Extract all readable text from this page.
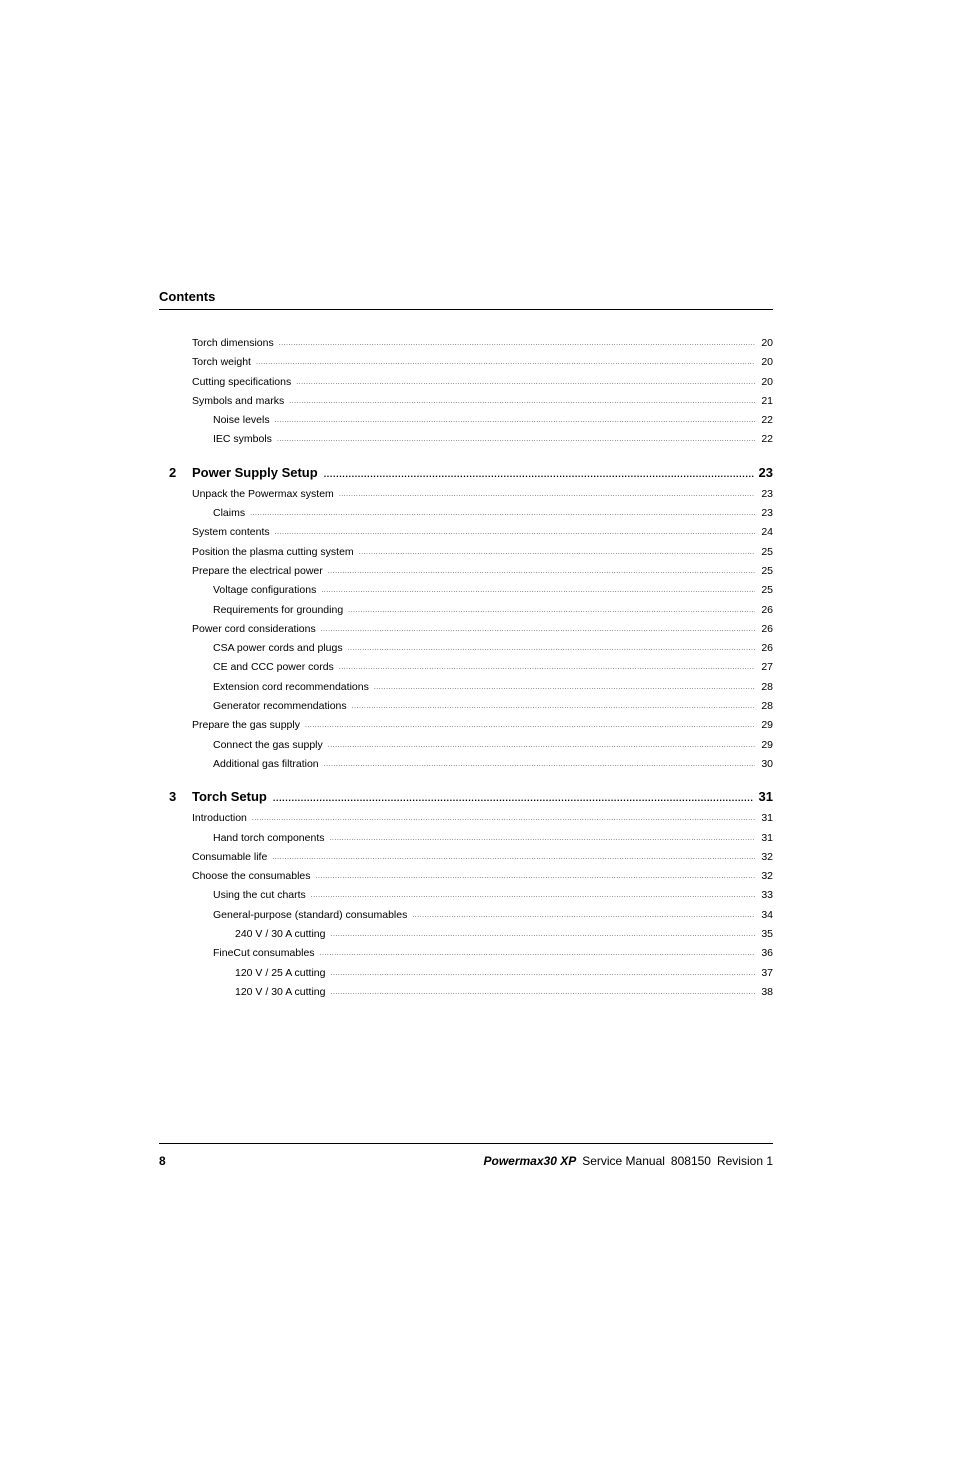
Contents
Torch dimensions .....	20
Torch weight .....	20
Cutting specifications .....	20
Symbols and marks .....	21
Noise levels .....	22
IEC symbols .....	22
2	Power Supply Setup .....	23
Unpack the Powermax system .....	23
Claims .....	23
System contents .....	24
Position the plasma cutting system .....	25
Prepare the electrical power .....	25
Voltage configurations .....	25
Requirements for grounding .....	26
Power cord considerations .....	26
CSA power cords and plugs .....	26
CE and CCC power cords .....	27
Extension cord recommendations .....	28
Generator recommendations .....	28
Prepare the gas supply .....	29
Connect the gas supply .....	29
Additional gas filtration .....	30
3	Torch Setup .....	31
Introduction .....	31
Hand torch components .....	31
Consumable life .....	32
Choose the consumables .....	32
Using the cut charts .....	33
General-purpose (standard) consumables .....	34
240 V / 30 A cutting .....	35
FineCut consumables .....	36
120 V / 25 A cutting .....	37
120 V / 30 A cutting .....	38
8	Powermax30 XP Service Manual 808150 Revision 1
